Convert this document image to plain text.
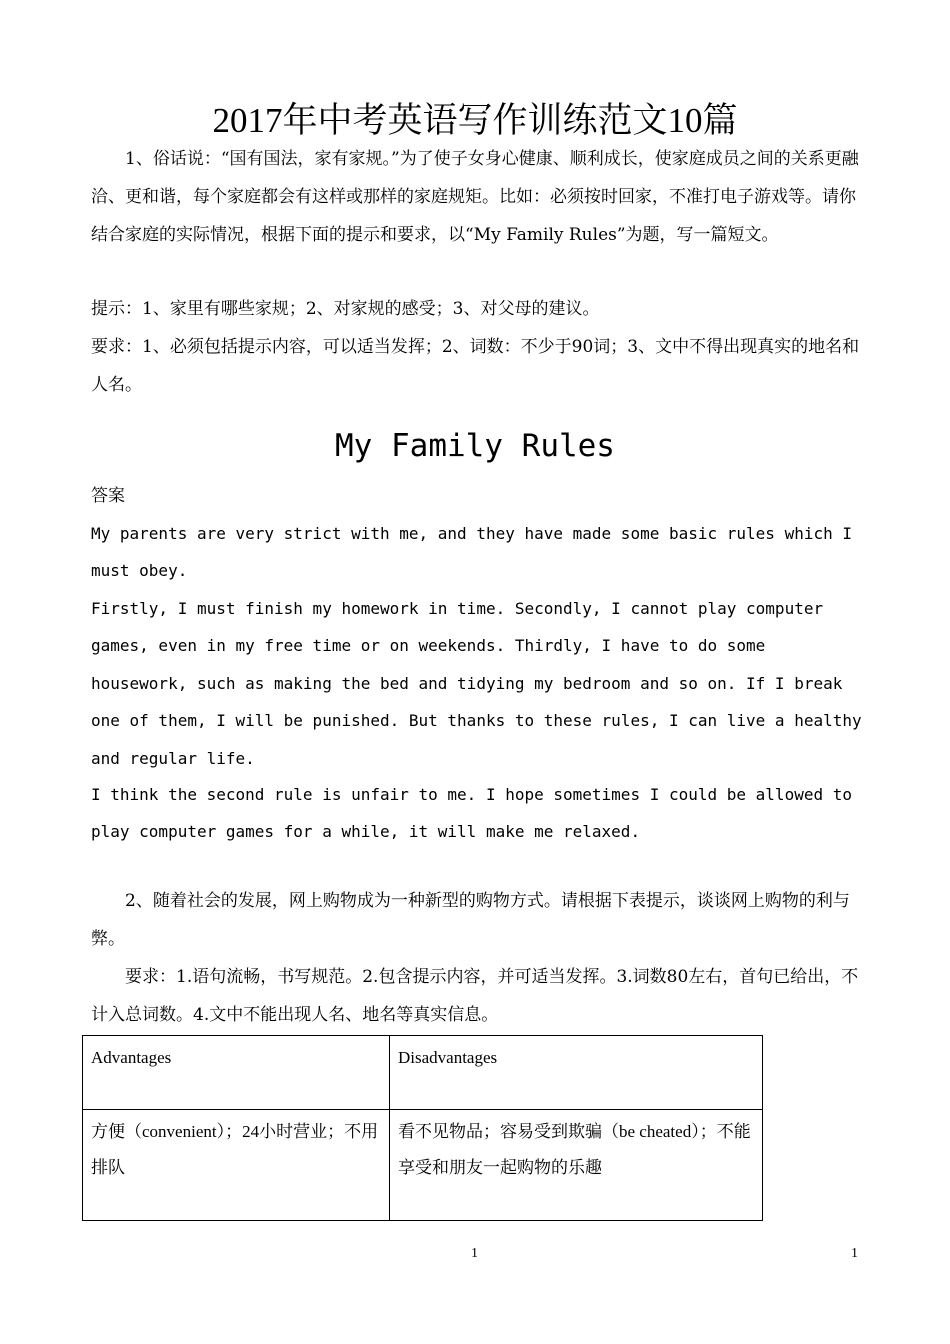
2017年中考英语写作训练范文10篇

1、俗话说：“国有国法，家有家规。”为了使子女身心健康、顺利成长，使家庭成员之间的关系更融洽、更和谐，每个家庭都会有这样或那样的家庭规矩。比如：必须按时回家，不准打电子游戏等。请你结合家庭的实际情况，根据下面的提示和要求，以“My Family Rules”为题，写一篇短文。

提示：1、家里有哪些家规；2、对家规的感受；3、对父母的建议。

要求：1、必须包括提示内容，可以适当发挥；2、词数：不少于90词；3、文中不得出现真实的地名和人名。

My Family Rules

答案

My parents are very strict with me, and they have made some basic rules which I must obey.

Firstly, I must finish my homework in time. Secondly, I cannot play computer games, even in my free time or on weekends. Thirdly, I have to do some housework, such as making the bed and tidying my bedroom and so on. If I break one of them, I will be punished. But thanks to these rules, I can live a healthy and regular life.

I think the second rule is unfair to me. I hope sometimes I could be allowed to play computer games for a while, it will make me relaxed.

2、随着社会的发展，网上购物成为一种新型的购物方式。请根据下表提示，谈谈网上购物的利与弊。

要求：1.语句流畅，书写规范。2.包含提示内容，并可适当发挥。3.词数80左右，首句已给出，不计入总词数。4.文中不能出现人名、地名等真实信息。

Advantages	Disadvantages
方便（convenient）；24小时营业；不用排队	看不见物品；容易受到欺骗（be cheated）；不能享受和朋友一起购物的乐趣
1	1
